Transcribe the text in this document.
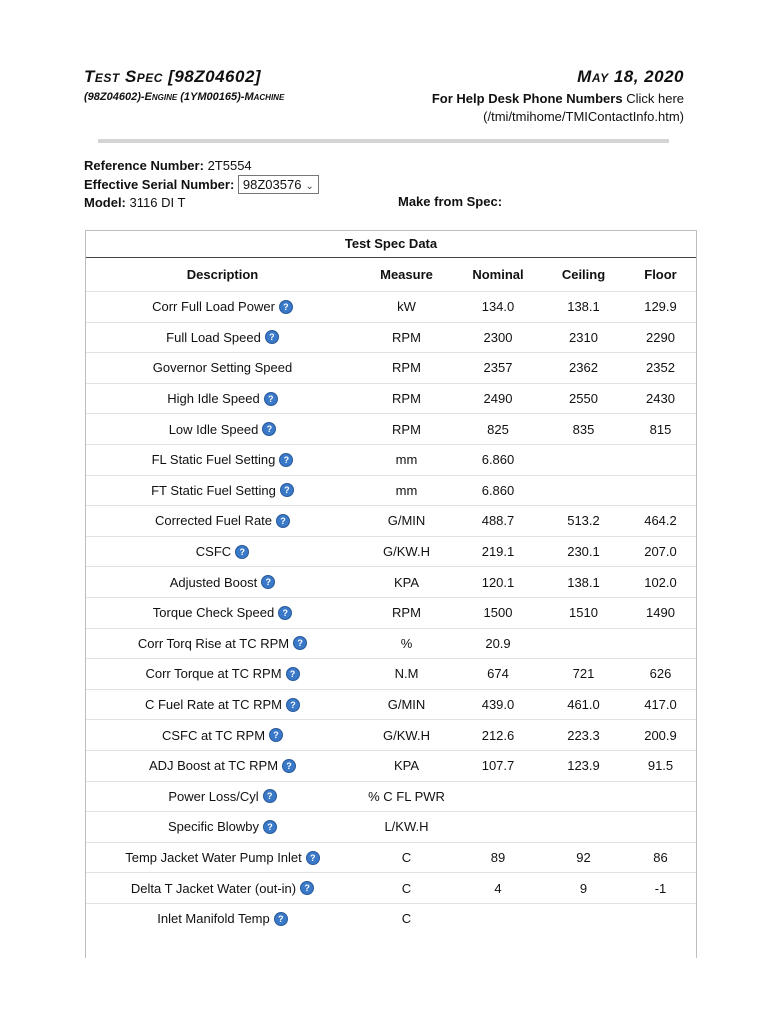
Test Spec [98Z04602]
(98Z04602)-Engine (1YM00165)-Machine
May 18, 2020
For Help Desk Phone Numbers Click here
(/tmi/tmihome/TMIContactInfo.htm)
Reference Number: 2T5554
Effective Serial Number: 98Z03576 ⌄
Model: 3116 DI T	Make from Spec:
Test Spec Data
Description	Measure	Nominal	Ceiling	Floor
Corr Full Load Power ?	kW	134.0	138.1	129.9
Full Load Speed ?	RPM	2300	2310	2290
Governor Setting Speed	RPM	2357	2362	2352
High Idle Speed ?	RPM	2490	2550	2430
Low Idle Speed ?	RPM	825	835	815
FL Static Fuel Setting ?	mm	6.860		
FT Static Fuel Setting ?	mm	6.860		
Corrected Fuel Rate ?	G/MIN	488.7	513.2	464.2
CSFC ?	G/KW.H	219.1	230.1	207.0
Adjusted Boost ?	KPA	120.1	138.1	102.0
Torque Check Speed ?	RPM	1500	1510	1490
Corr Torq Rise at TC RPM ?	%	20.9		
Corr Torque at TC RPM ?	N.M	674	721	626
C Fuel Rate at TC RPM ?	G/MIN	439.0	461.0	417.0
CSFC at TC RPM ?	G/KW.H	212.6	223.3	200.9
ADJ Boost at TC RPM ?	KPA	107.7	123.9	91.5
Power Loss/Cyl ?	% C FL PWR			
Specific Blowby ?	L/KW.H			
Temp Jacket Water Pump Inlet ?	C	89	92	86
Delta T Jacket Water (out-in) ?	C	4	9	-1
Inlet Manifold Temp ?	C			
